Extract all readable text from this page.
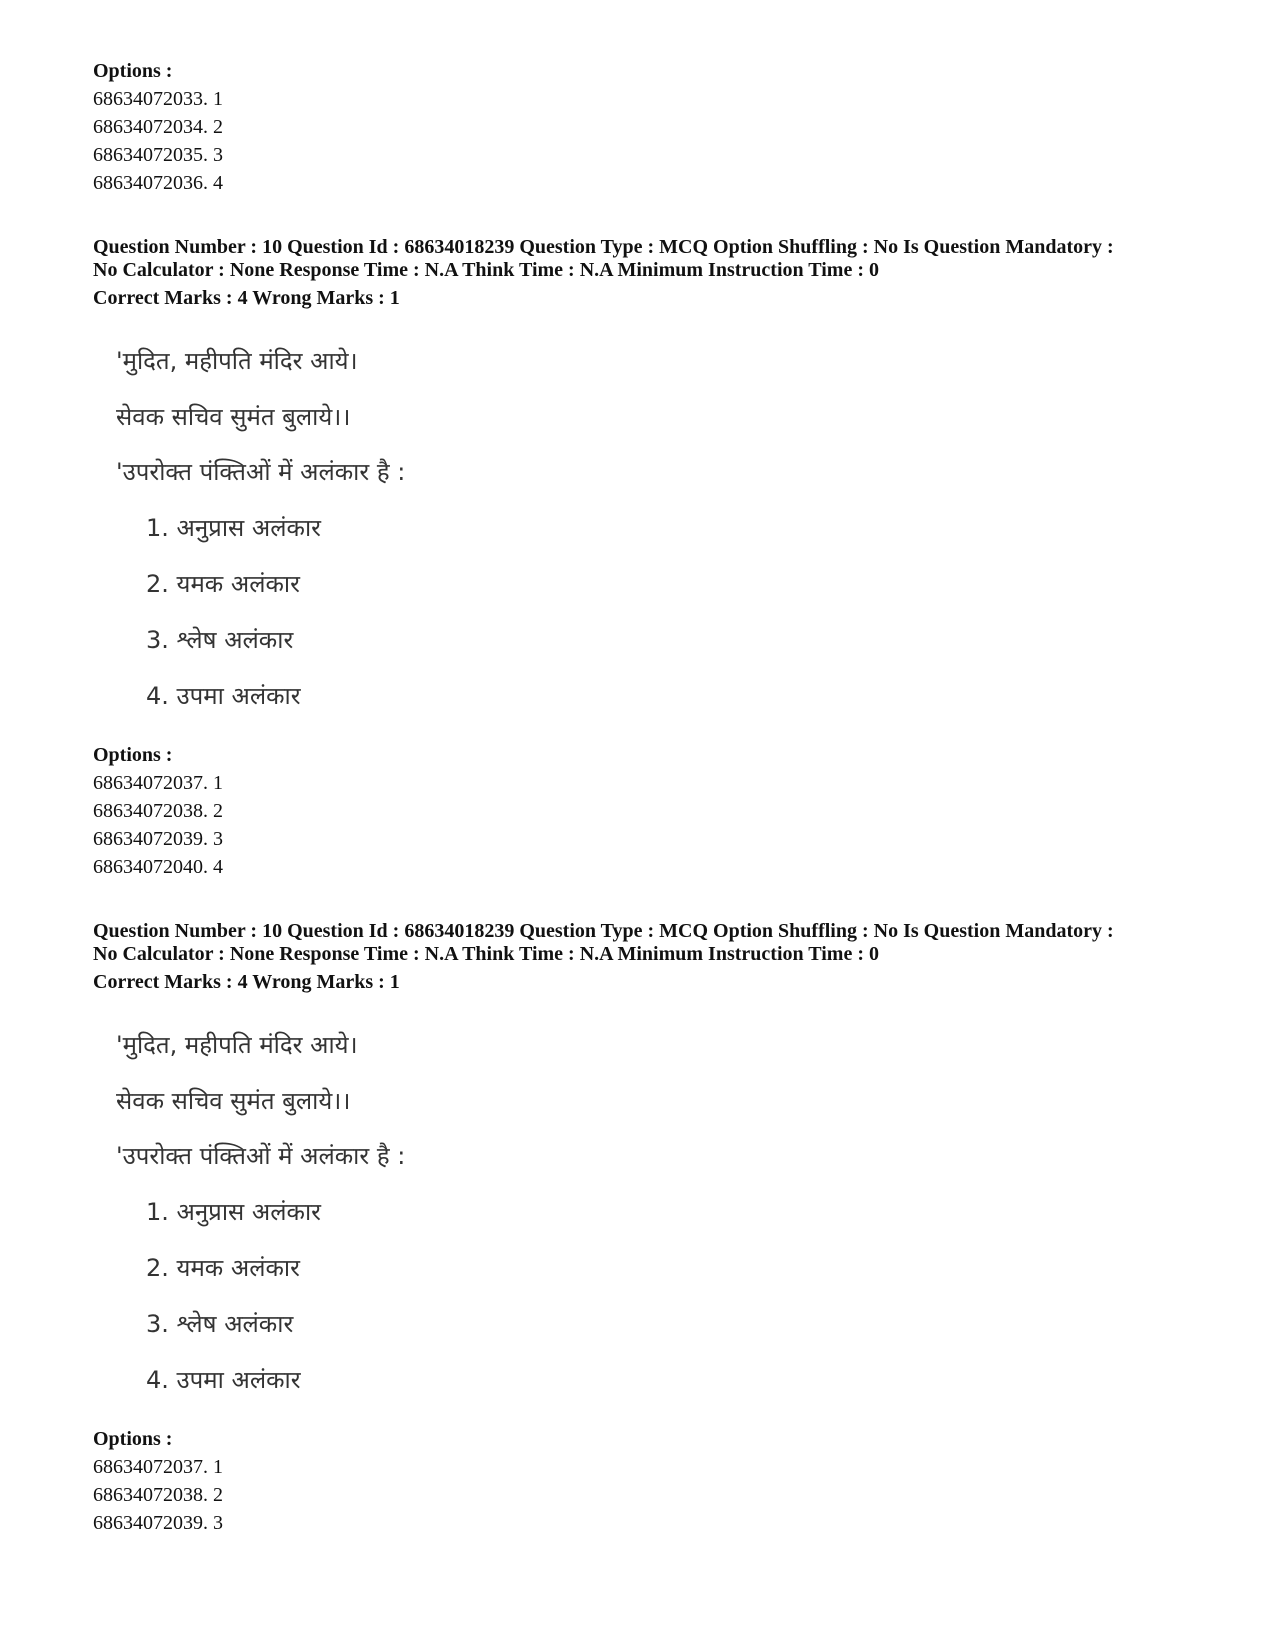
Options :
68634072033. 1
68634072034. 2
68634072035. 3
68634072036. 4
Question Number : 10 Question Id : 68634018239 Question Type : MCQ Option Shuffling : No Is Question Mandatory :
No Calculator : None Response Time : N.A Think Time : N.A Minimum Instruction Time : 0
Correct Marks : 4 Wrong Marks : 1
'मुदित, महीपति मंदिर आये।
सेवक सचिव सुमंत बुलाये।।
'उपरोक्त पंक्तिओं में अलंकार है :
1. अनुप्रास अलंकार
2. यमक अलंकार
3. श्लेष अलंकार
4. उपमा अलंकार
Options :
68634072037. 1
68634072038. 2
68634072039. 3
68634072040. 4
Question Number : 10 Question Id : 68634018239 Question Type : MCQ Option Shuffling : No Is Question Mandatory :
No Calculator : None Response Time : N.A Think Time : N.A Minimum Instruction Time : 0
Correct Marks : 4 Wrong Marks : 1
'मुदित, महीपति मंदिर आये।
सेवक सचिव सुमंत बुलाये।।
'उपरोक्त पंक्तिओं में अलंकार है :
1. अनुप्रास अलंकार
2. यमक अलंकार
3. श्लेष अलंकार
4. उपमा अलंकार
Options :
68634072037. 1
68634072038. 2
68634072039. 3
